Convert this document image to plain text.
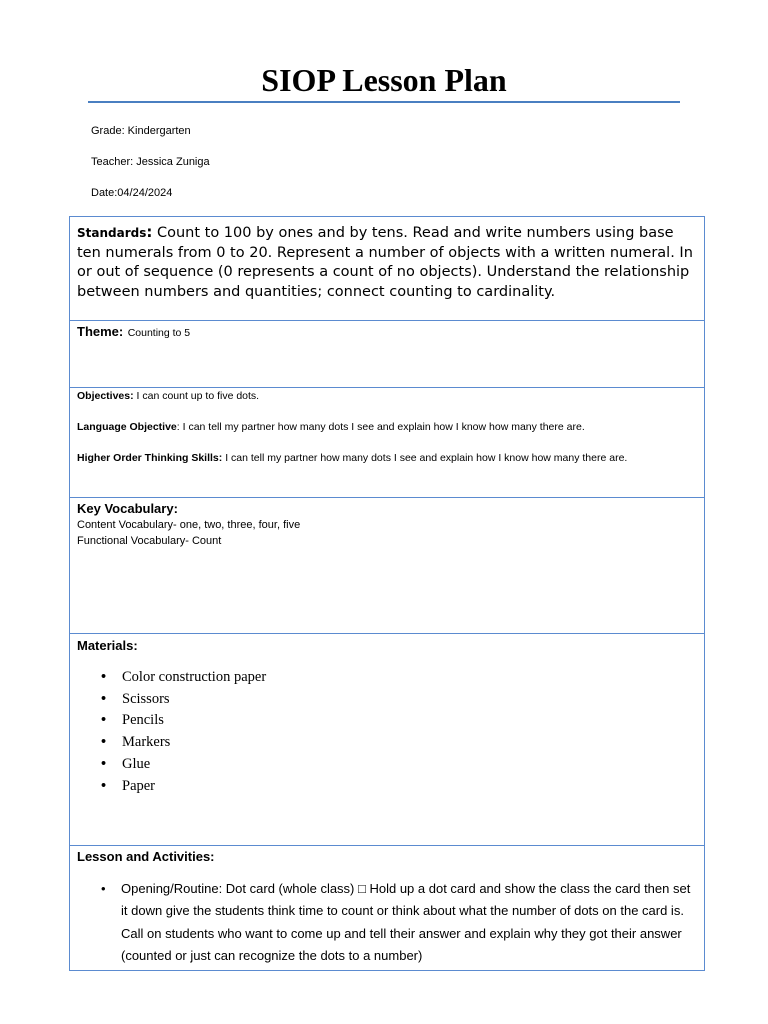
SIOP Lesson Plan
Grade: Kindergarten
Teacher: Jessica Zuniga
Date:04/24/2024
Standards: Count to 100 by ones and by tens. Read and write numbers using base ten numerals from 0 to 20. Represent a number of objects with a written numeral. In or out of sequence (0 represents a count of no objects). Understand the relationship between numbers and quantities; connect counting to cardinality.
Theme: Counting to 5

Objectives: I can count up to five dots.

Language Objective: I can tell my partner how many dots I see and explain how I know how many there are.

Higher Order Thinking Skills: I can tell my partner how many dots I see and explain how I know how many there are.

Key Vocabulary:
Content Vocabulary- one, two, three, four, five
Functional Vocabulary- Count
Materials:
• Color construction paper
• Scissors
• Pencils
• Markers
• Glue
• Paper
Lesson and Activities:
• Opening/Routine: Dot card (whole class) □ Hold up a dot card and show the class the card then set it down give the students think time to count or think about what the number of dots on the card is. Call on students who want to come up and tell their answer and explain why they got their answer (counted or just can recognize the dots to a number)
